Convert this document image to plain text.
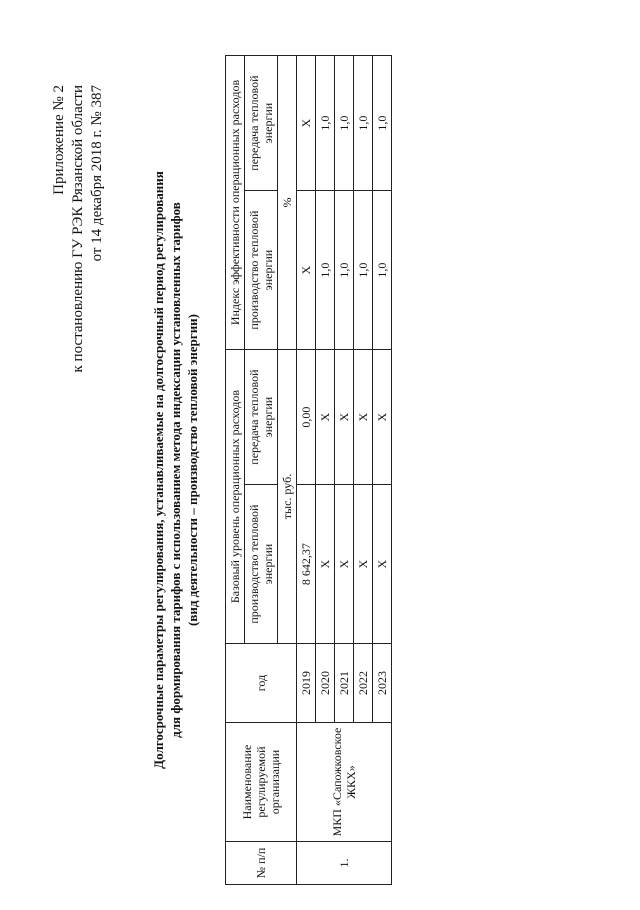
Приложение № 2 к постановлению ГУ РЭК Рязанской области от 14 декабря 2018 г. № 387	Долгосрочные параметры регулирования, устанавливаемые на долгосрочный период регулирования для формирования тарифов с использованием метода индексации установленных тарифов (вид деятельности – производство тепловой энергии)
№ п/п	Наименование регулируемой организации	год	Базовый уровень операционных расходов		Индекс эффективности операционных расходов	
			производство тепловой энергии	передача тепловой энергии	производство тепловой энергии	передача тепловой энергии
			тыс. руб.		%	
1.	МКП «Сапожковское ЖКХ»	2019	8 642,37	0,00	X	X
		2020	X	X	1,0	1,0
		2021	X	X	1,0	1,0
		2022	X	X	1,0	1,0
		2023	X	X	1,0	1,0
